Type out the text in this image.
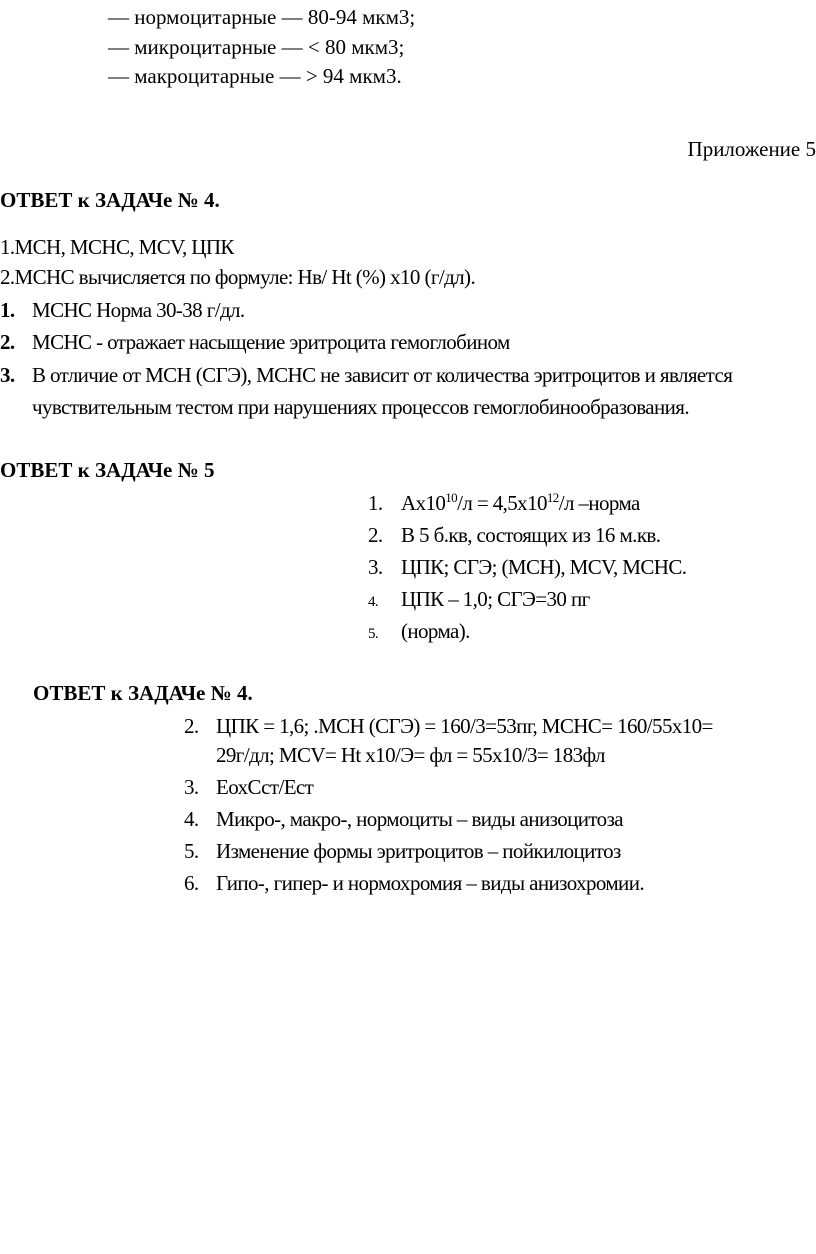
— нормоцитарные — 80-94 мкм3;
— микроцитарные — < 80 мкм3;
— макроцитарные — > 94 мкм3.
Приложение 5
ОТВЕТ к ЗАДАЧе № 4.
1.МСН, МСНС, MCV, ЦПК
2.МСНС вычисляется по формуле: Нв/ Ht (%) х10 (г/дл).
1. МСНС Норма 30-38 г/дл.
2. МСНС - отражает насыщение эритроцита гемоглобином
3. В отличие от МСН (СГЭ), МСНС не зависит от количества эритроцитов и является
чувствительным тестом при нарушениях процессов гемоглобинообразования.
ОТВЕТ к ЗАДАЧе № 5
1. $Ах10^{10}/л = 4,5х10^{12}/л$ –норма
2. В 5 б.кв, состоящих из 16 м.кв.
3. ЦПК; СГЭ; (МСН), MCV, МСНС.
4. ЦПК – 1,0; СГЭ=30 пг
5. (норма).
ОТВЕТ к ЗАДАЧе № 4.
2. ЦПК = 1,6; .МСН (СГЭ) = 160/3=53пг, МСНС= 160/55х10=
29г/дл; MCV= Ht х10/Э= фл = 55х10/3= 183фл
3. ЕохСст/Ест
4. Микро-, макро-, нормоциты – виды анизоцитоза
5. Изменение формы эритроцитов – пойкилоцитоз
6. Гипо-, гипер- и нормохромия – виды анизохромии.
